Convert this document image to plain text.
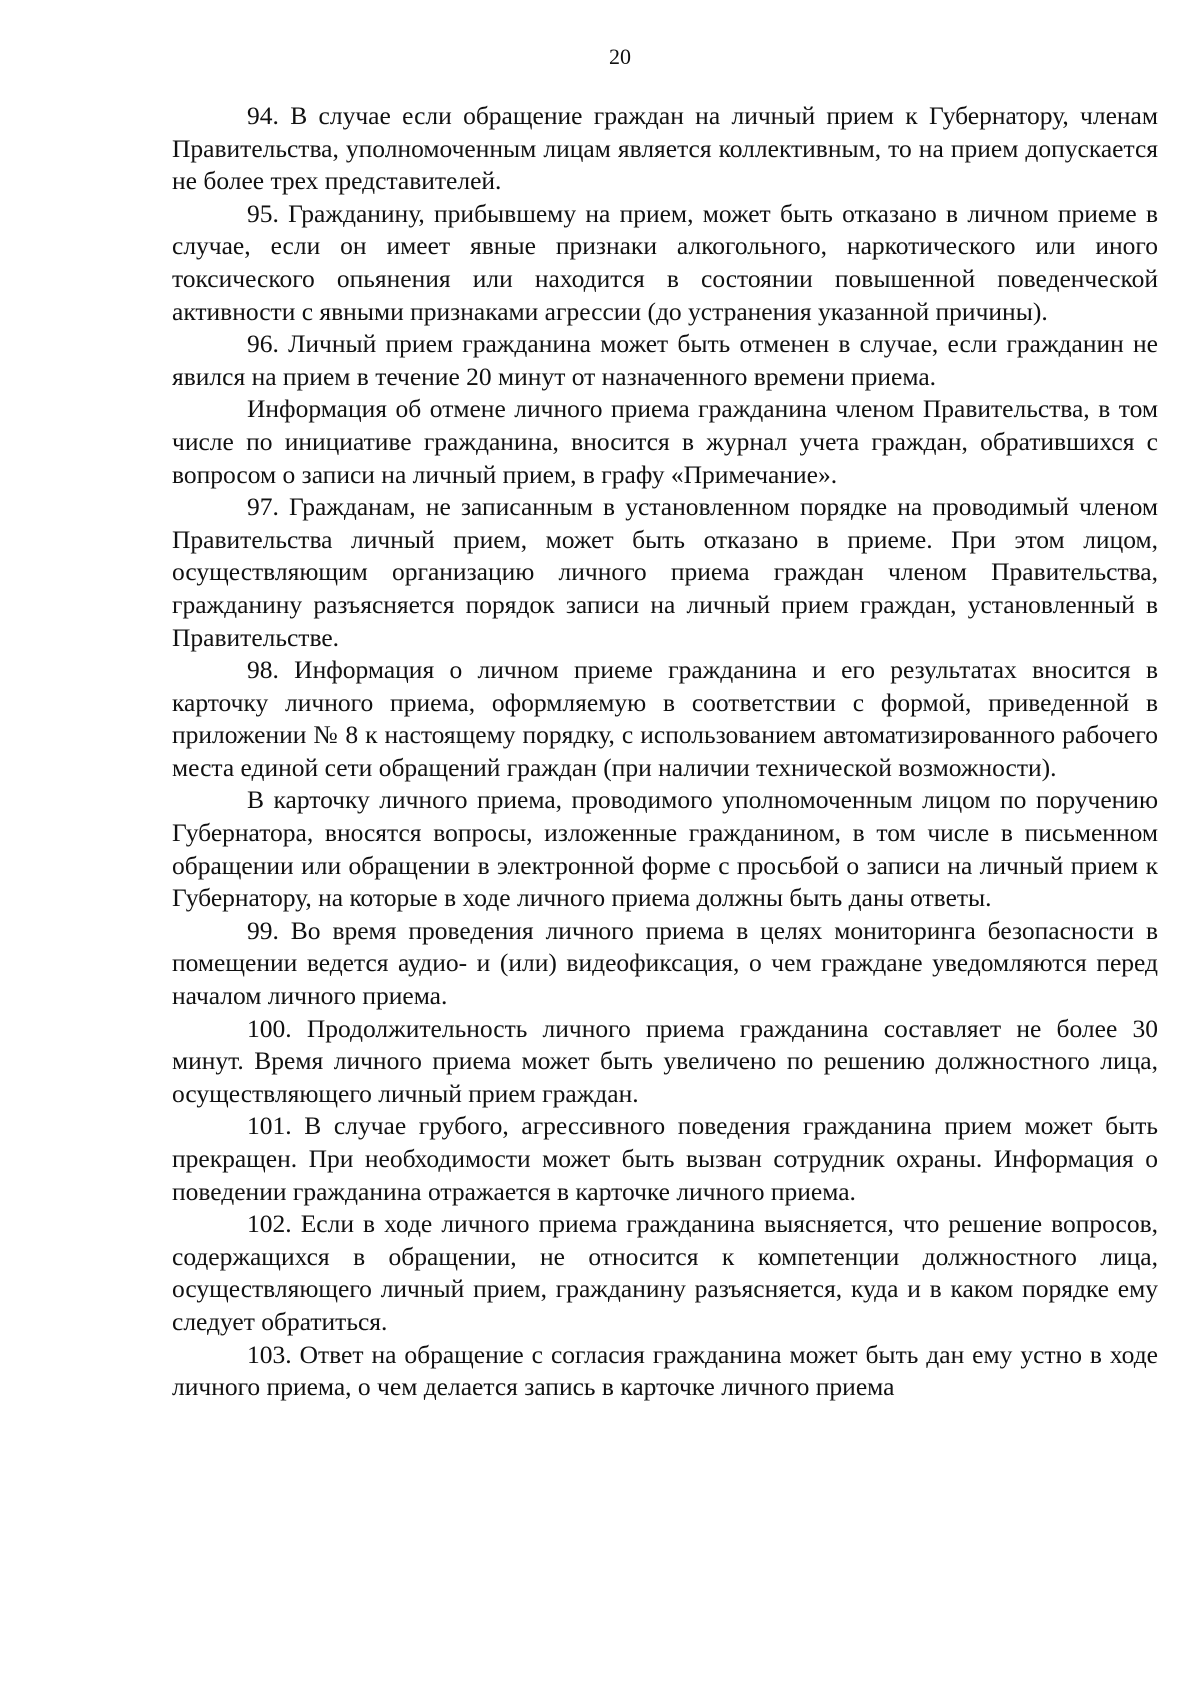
20

94. В случае если обращение граждан на личный прием к Губернатору, членам Правительства, уполномоченным лицам является коллективным, то на прием допускается не более трех представителей.

95. Гражданину, прибывшему на прием, может быть отказано в личном приеме в случае, если он имеет явные признаки алкогольного, наркотического или иного токсического опьянения или находится в состоянии повышенной поведенческой активности с явными признаками агрессии (до устранения указанной причины).

96. Личный прием гражданина может быть отменен в случае, если гражданин не явился на прием в течение 20 минут от назначенного времени приема.

Информация об отмене личного приема гражданина членом Правительства, в том числе по инициативе гражданина, вносится в журнал учета граждан, обратившихся с вопросом о записи на личный прием, в графу «Примечание».

97. Гражданам, не записанным в установленном порядке на проводимый членом Правительства личный прием, может быть отказано в приеме. При этом лицом, осуществляющим организацию личного приема граждан членом Правительства, гражданину разъясняется порядок записи на личный прием граждан, установленный в Правительстве.

98. Информация о личном приеме гражданина и его результатах вносится в карточку личного приема, оформляемую в соответствии с формой, приведенной в приложении № 8 к настоящему порядку, с использованием автоматизированного рабочего места единой сети обращений граждан (при наличии технической возможности).

В карточку личного приема, проводимого уполномоченным лицом по поручению Губернатора, вносятся вопросы, изложенные гражданином, в том числе в письменном обращении или обращении в электронной форме с просьбой о записи на личный прием к Губернатору, на которые в ходе личного приема должны быть даны ответы.

99. Во время проведения личного приема в целях мониторинга безопасности в помещении ведется аудио- и (или) видеофиксация, о чем граждане уведомляются перед началом личного приема.

100. Продолжительность личного приема гражданина составляет не более 30 минут. Время личного приема может быть увеличено по решению должностного лица, осуществляющего личный прием граждан.

101. В случае грубого, агрессивного поведения гражданина прием может быть прекращен. При необходимости может быть вызван сотрудник охраны. Информация о поведении гражданина отражается в карточке личного приема.

102. Если в ходе личного приема гражданина выясняется, что решение вопросов, содержащихся в обращении, не относится к компетенции должностного лица, осуществляющего личный прием, гражданину разъясняется, куда и в каком порядке ему следует обратиться.

103. Ответ на обращение с согласия гражданина может быть дан ему устно в ходе личного приема, о чем делается запись в карточке личного приема
